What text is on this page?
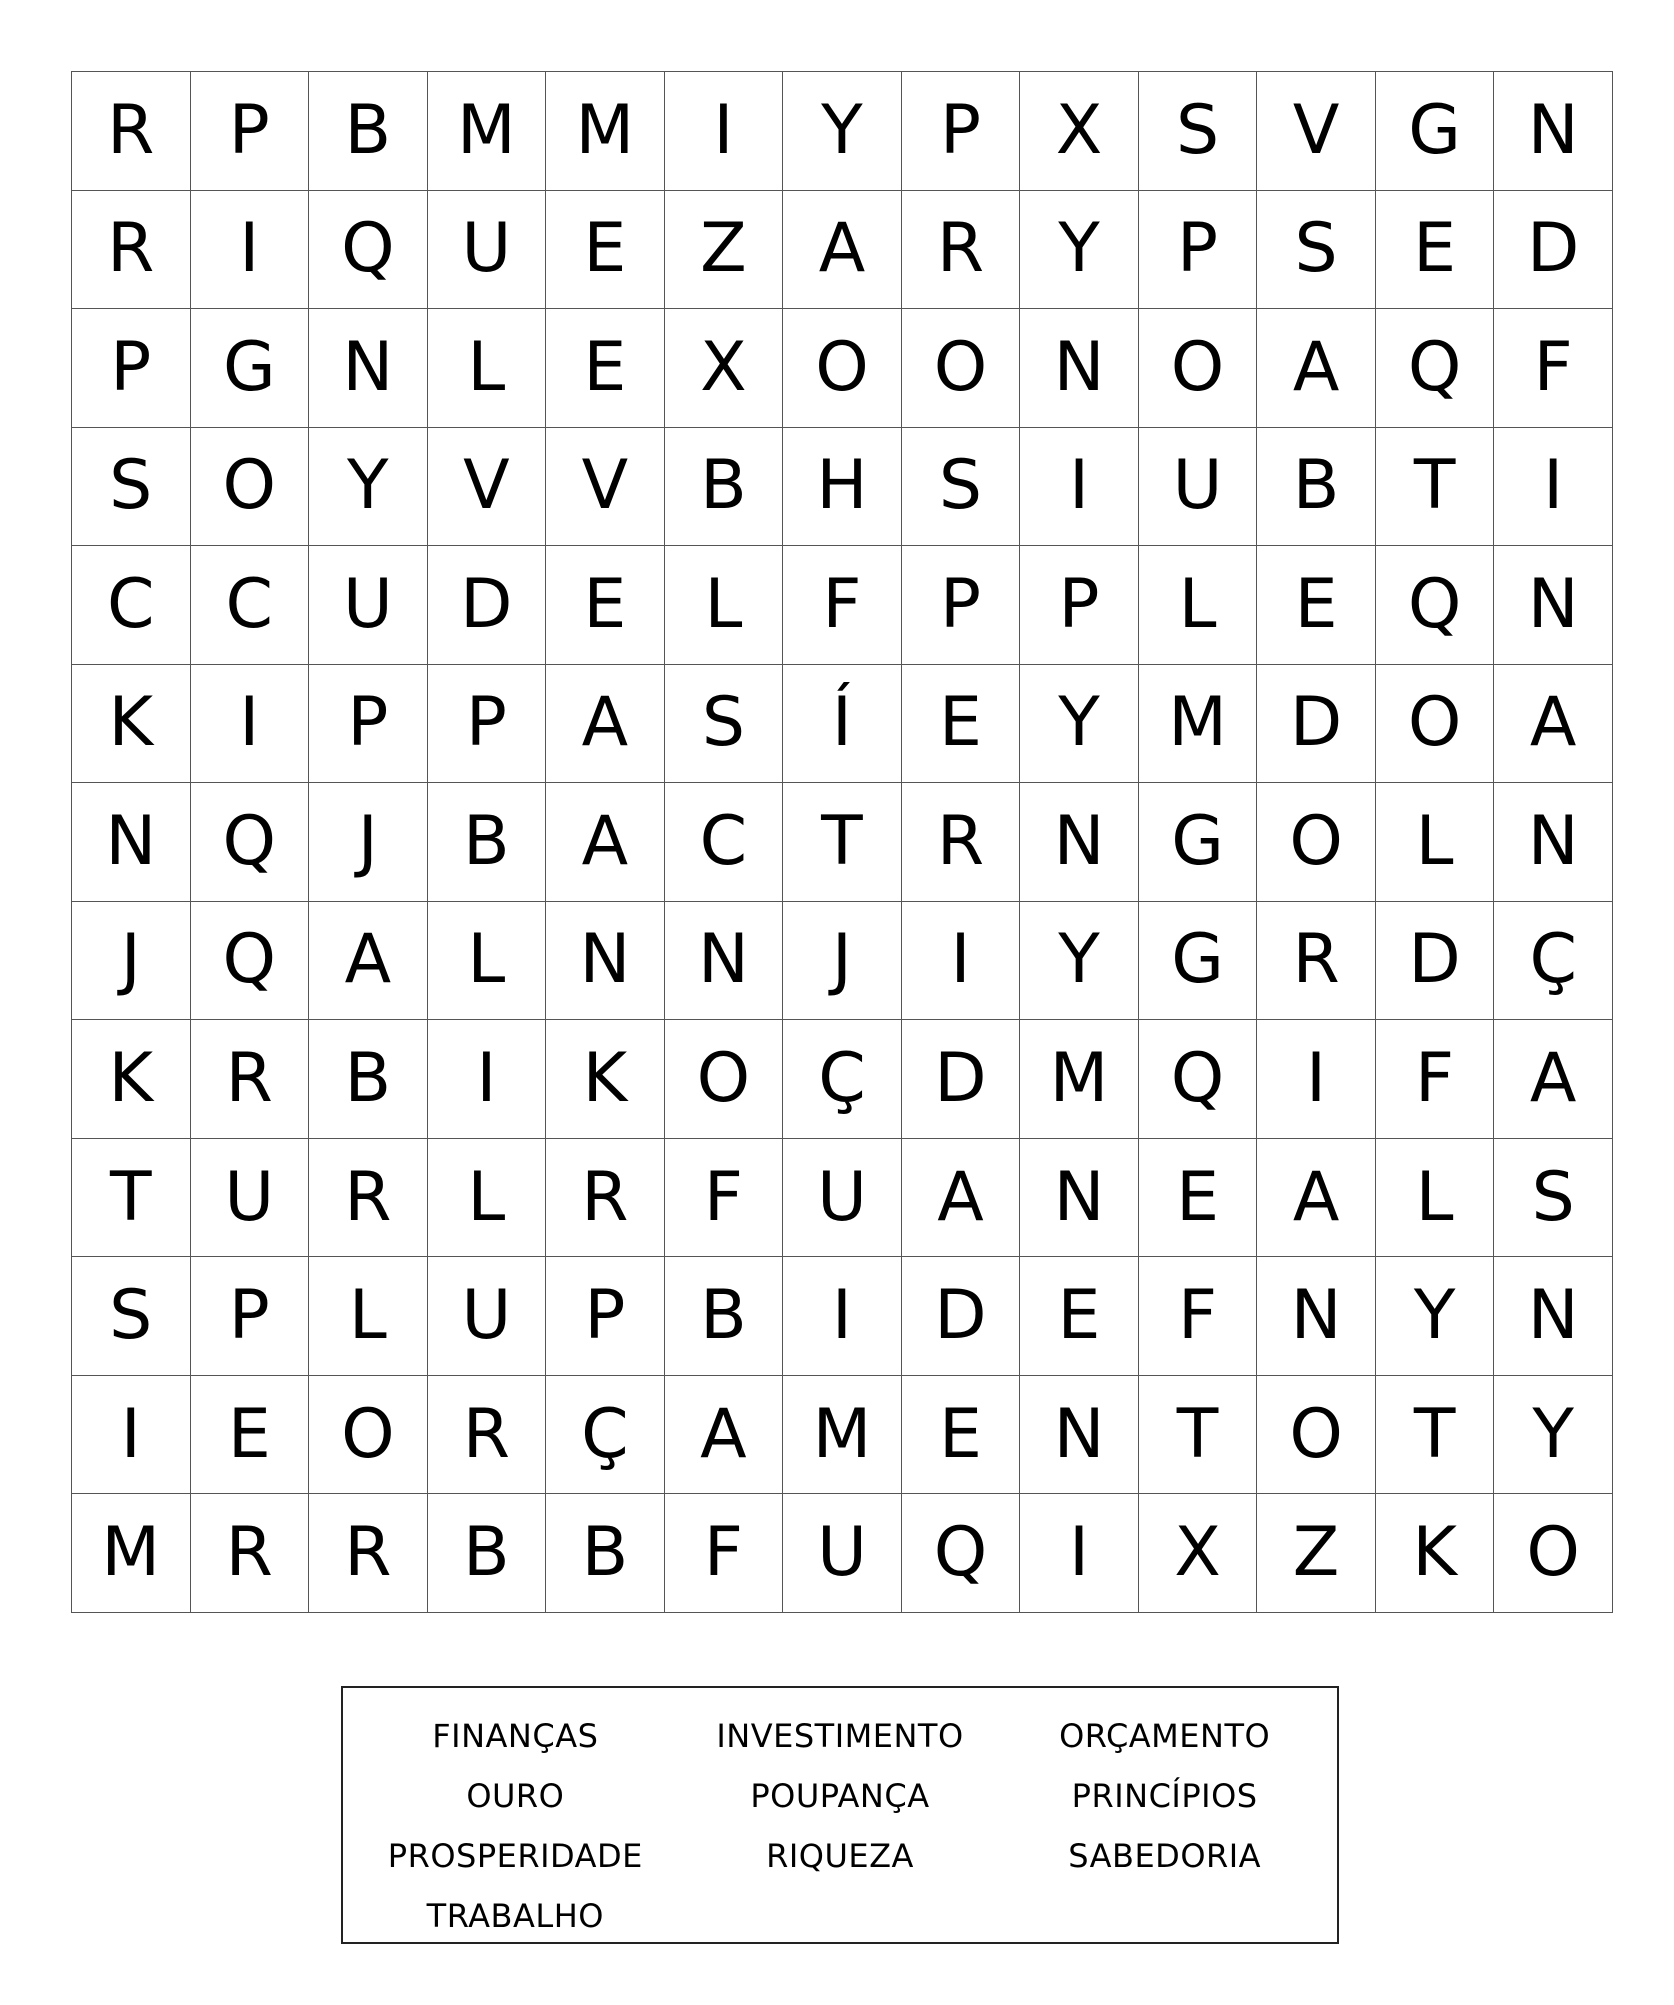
R	P	B	M	M	I	Y	P	X	S	V	G	N
R	I	Q	U	E	Z	A	R	Y	P	S	E	D
P	G	N	L	E	X	O	O	N	O	A	Q	F
S	O	Y	V	V	B	H	S	I	U	B	T	I
C	C	U	D	E	L	F	P	P	L	E	Q	N
K	I	P	P	A	S	Í	E	Y	M	D	O	A
N	Q	J	B	A	C	T	R	N	G	O	L	N
J	Q	A	L	N	N	J	I	Y	G	R	D	Ç
K	R	B	I	K	O	Ç	D	M	Q	I	F	A
T	U	R	L	R	F	U	A	N	E	A	L	S
S	P	L	U	P	B	I	D	E	F	N	Y	N
I	E	O	R	Ç	A	M	E	N	T	O	T	Y
M	R	R	B	B	F	U	Q	I	X	Z	K	O
FINANÇAS
OURO
PROSPERIDADE
TRABALHO
INVESTIMENTO
POUPANÇA
RIQUEZA
ORÇAMENTO
PRINCÍPIOS
SABEDORIA
